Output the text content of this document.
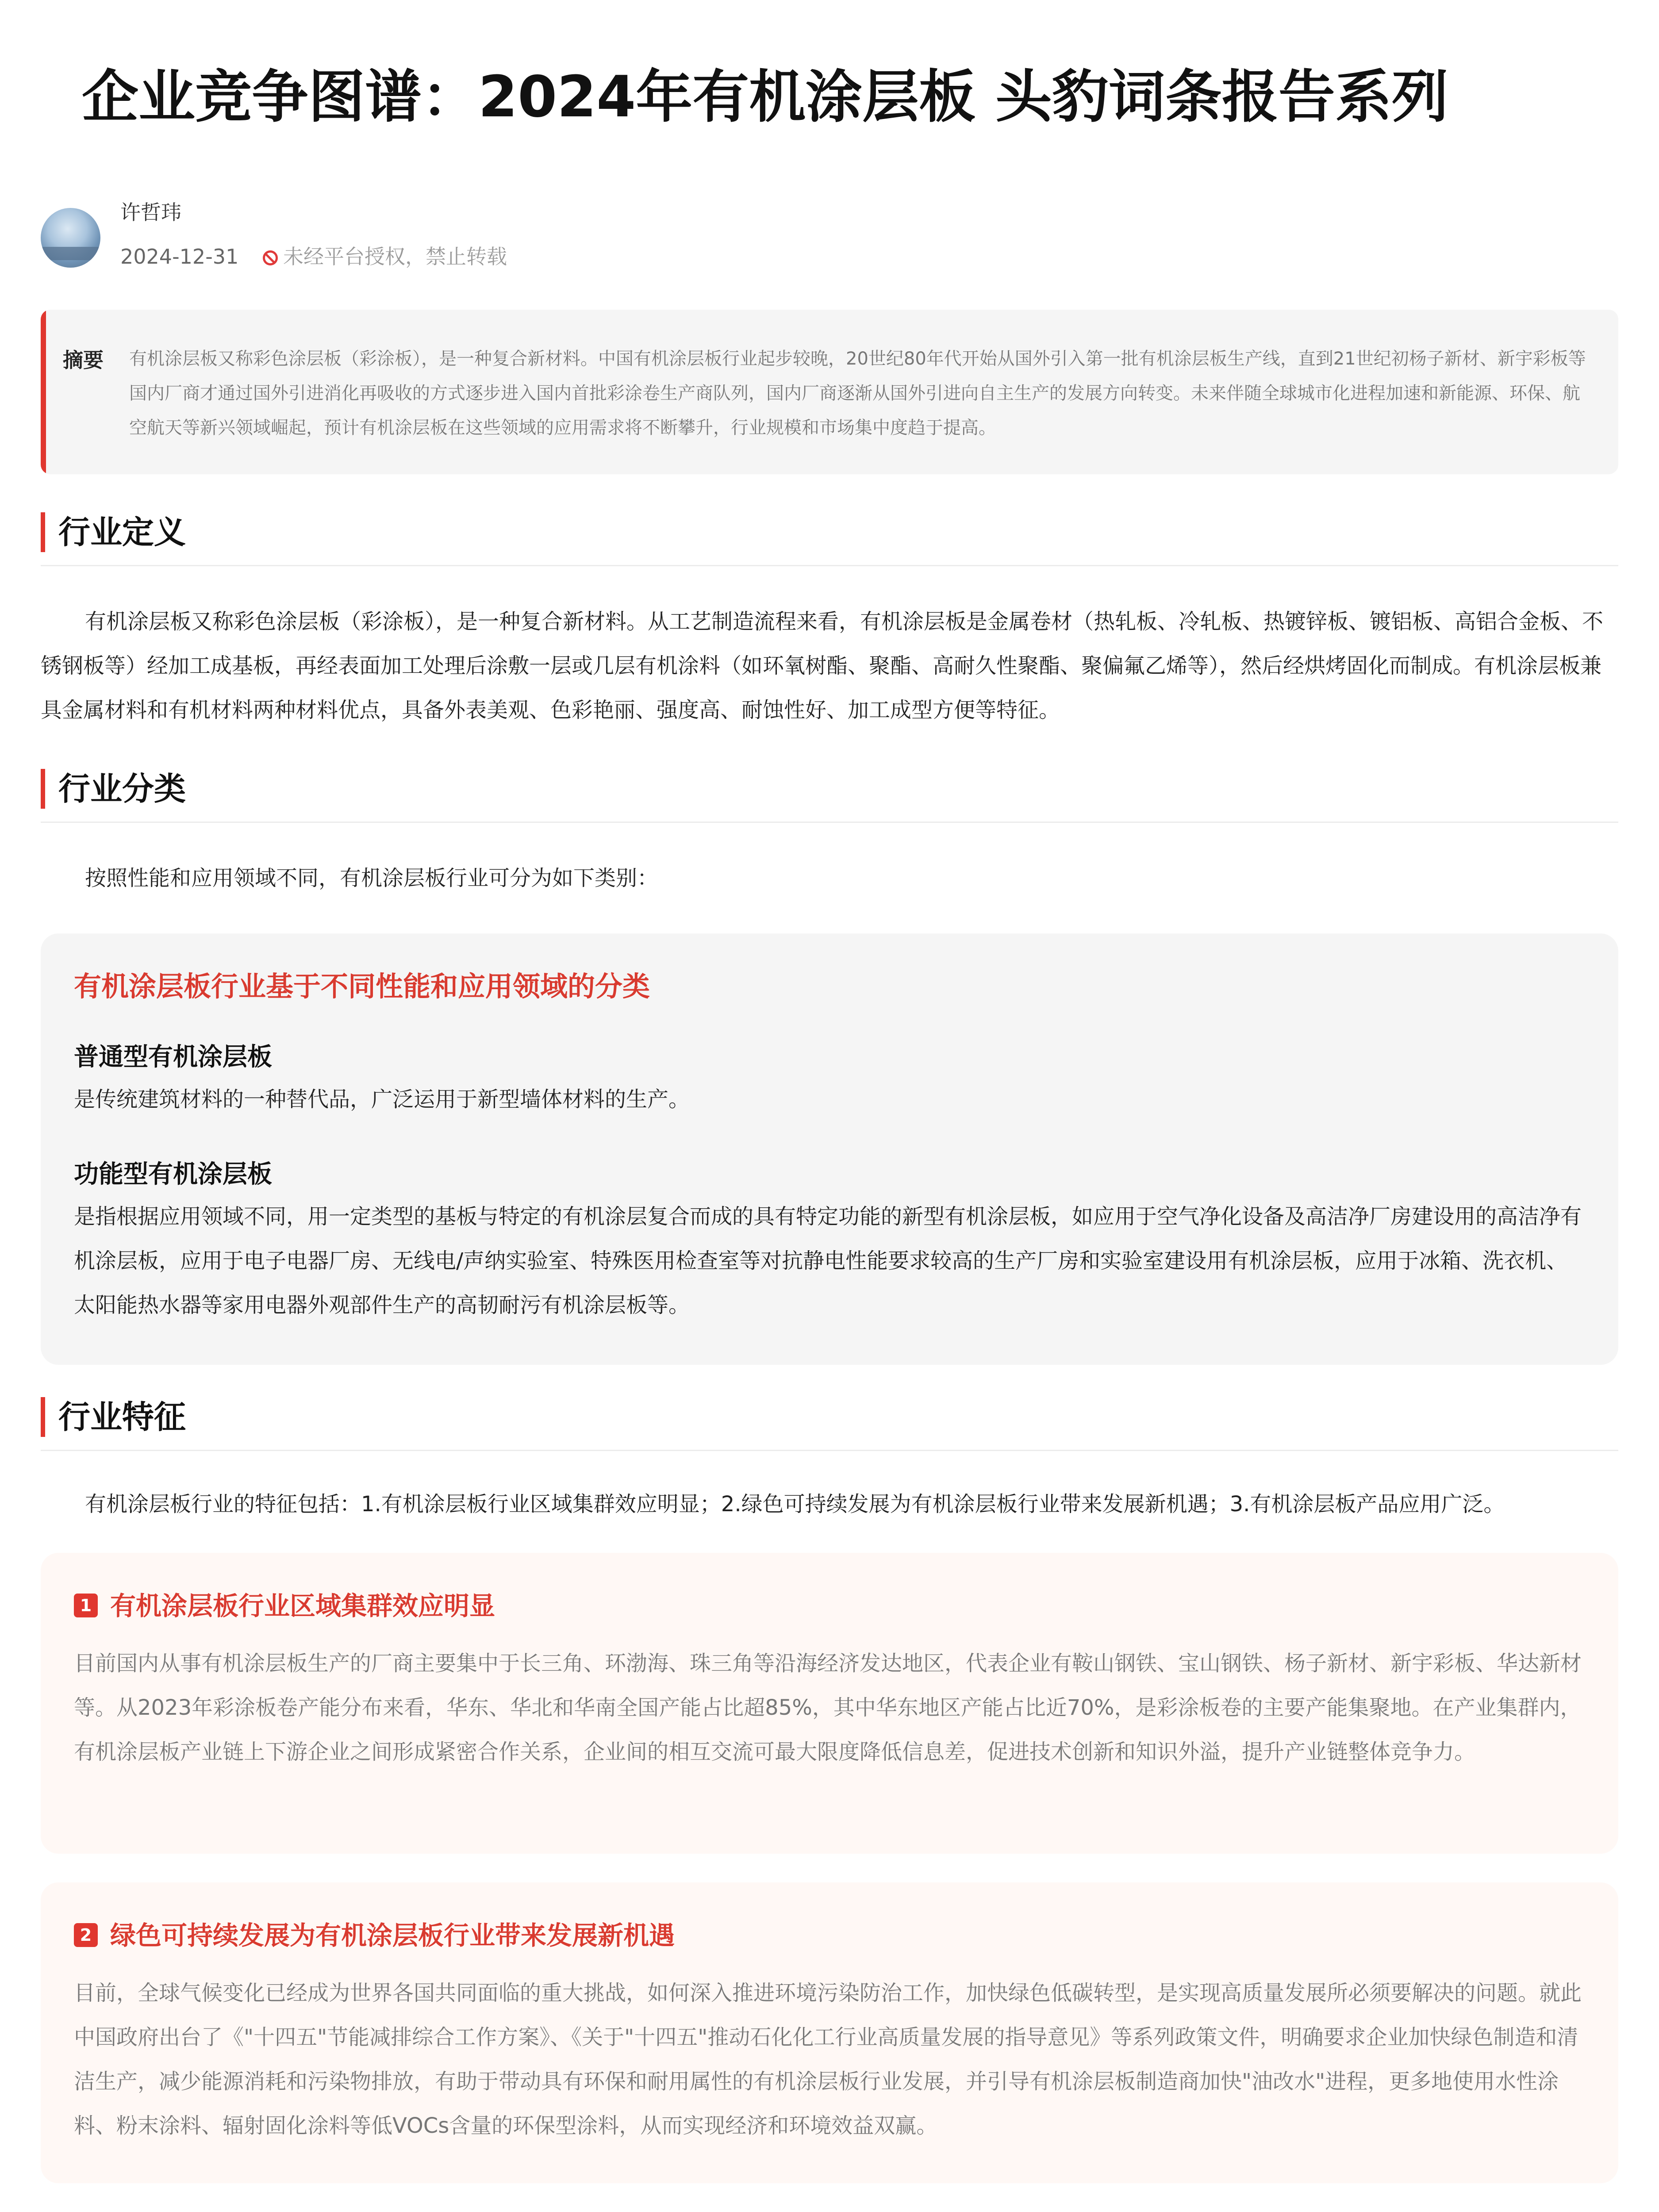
企业竞争图谱：2024年有机涂层板 头豹词条报告系列
许哲玮
2024-12-31 未经平台授权，禁止转载
摘要 有机涂层板又称彩色涂层板（彩涂板），是一种复合新材料。中国有机涂层板行业起步较晚，20世纪80年代开始从国外引入第一批有机涂层板生产线，直到21世纪初杨子新材、新宇彩板等国内厂商才通过国外引进消化再吸收的方式逐步进入国内首批彩涂卷生产商队列，国内厂商逐渐从国外引进向自主生产的发展方向转变。未来伴随全球城市化进程加速和新能源、环保、航空航天等新兴领域崛起，预计有机涂层板在这些领域的应用需求将不断攀升，行业规模和市场集中度趋于提高。

行业定义

有机涂层板又称彩色涂层板（彩涂板），是一种复合新材料。从工艺制造流程来看，有机涂层板是金属卷材（热轧板、冷轧板、热镀锌板、镀铝板、高铝合金板、不锈钢板等）经加工成基板，再经表面加工处理后涂敷一层或几层有机涂料（如环氧树酯、聚酯、高耐久性聚酯、聚偏氟乙烯等），然后经烘烤固化而制成。有机涂层板兼具金属材料和有机材料两种材料优点，具备外表美观、色彩艳丽、强度高、耐蚀性好、加工成型方便等特征。

行业分类

按照性能和应用领域不同，有机涂层板行业可分为如下类别：

有机涂层板行业基于不同性能和应用领域的分类
普通型有机涂层板

是传统建筑材料的一种替代品，广泛运用于新型墙体材料的生产。

功能型有机涂层板

是指根据应用领域不同，用一定类型的基板与特定的有机涂层复合而成的具有特定功能的新型有机涂层板，如应用于空气净化设备及高洁净厂房建设用的高洁净有机涂层板，应用于电子电器厂房、无线电/声纳实验室、特殊医用检查室等对抗静电性能要求较高的生产厂房和实验室建设用有机涂层板，应用于冰箱、洗衣机、太阳能热水器等家用电器外观部件生产的高韧耐污有机涂层板等。

行业特征

有机涂层板行业的特征包括：1.有机涂层板行业区域集群效应明显；2.绿色可持续发展为有机涂层板行业带来发展新机遇；3.有机涂层板产品应用广泛。

1 有机涂层板行业区域集群效应明显

目前国内从事有机涂层板生产的厂商主要集中于长三角、环渤海、珠三角等沿海经济发达地区，代表企业有鞍山钢铁、宝山钢铁、杨子新材、新宇彩板、华达新材等。从2023年彩涂板卷产能分布来看，华东、华北和华南全国产能占比超85%，其中华东地区产能占比近70%，是彩涂板卷的主要产能集聚地。在产业集群内，有机涂层板产业链上下游企业之间形成紧密合作关系，企业间的相互交流可最大限度降低信息差，促进技术创新和知识外溢，提升产业链整体竞争力。

2 绿色可持续发展为有机涂层板行业带来发展新机遇

目前，全球气候变化已经成为世界各国共同面临的重大挑战，如何深入推进环境污染防治工作，加快绿色低碳转型，是实现高质量发展所必须要解决的问题。就此中国政府出台了《"十四五"节能减排综合工作方案》、《关于"十四五"推动石化化工行业高质量发展的指导意见》等系列政策文件，明确要求企业加快绿色制造和清洁生产，减少能源消耗和污染物排放，有助于带动具有环保和耐用属性的有机涂层板行业发展，并引导有机涂层板制造商加快"油改水"进程，更多地使用水性涂料、粉末涂料、辐射固化涂料等低VOCs含量的环保型涂料，从而实现经济和环境效益双赢。
